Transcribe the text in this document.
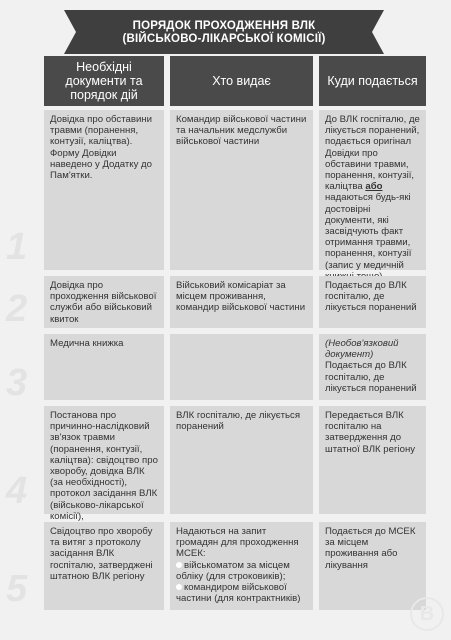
ПОРЯДОК ПРОХОДЖЕННЯ ВЛК
(ВІЙСЬКОВО-ЛІКАРСЬКОЇ КОМІСІЇ)
Необхідні документи та порядок дій
Хто видає	Куди подається
1
Довідка про обставини травми (поранення, контузії, каліцтва). Форму Довідки наведено у Додатку до Пам'ятки.
Командир військової частини та начальник медслужби військової частини
До ВЛК госпіталю, де лікується поранений, подається оригінал Довідки про обставини травми, поранення, контузії, каліцтва або надаються будь-які достовірні документи, які засвідчують факт отримання травми, поранення, контузії (запис у медичній
2
Довідка про проходження військової служби або військовий квиток
Військовий комісаріат за місцем проживання, командир військової частини
Подається до ВЛК госпіталю, де лікується поранений
3
Медична книжка	(Необов'язковий документ) Подається до ВЛК госпіталю, де лікується поранений
4
Постанова про причинно-наслідковий зв'язок травми (поранення, контузії, каліцтва): свідоцтво про хворобу, довідка ВЛК (за необхідності), протокол засідання ВЛК (військово-лікарської комісії),
ВЛК госпіталю, де лікується поранений
Передається ВЛК госпіталю на затвердження до штатної ВЛК регіону
5
Свідоцтво про хворобу та витяг з протоколу засідання ВЛК госпіталю, затверджені штатною ВЛК регіону
Надаються на запит громадян для проходження МСЕК:
військоматом за місцем обліку (для строковиків);
командиром військової частини (для контрактників)
Подається до МСЕК за місцем проживання або лікування
В
